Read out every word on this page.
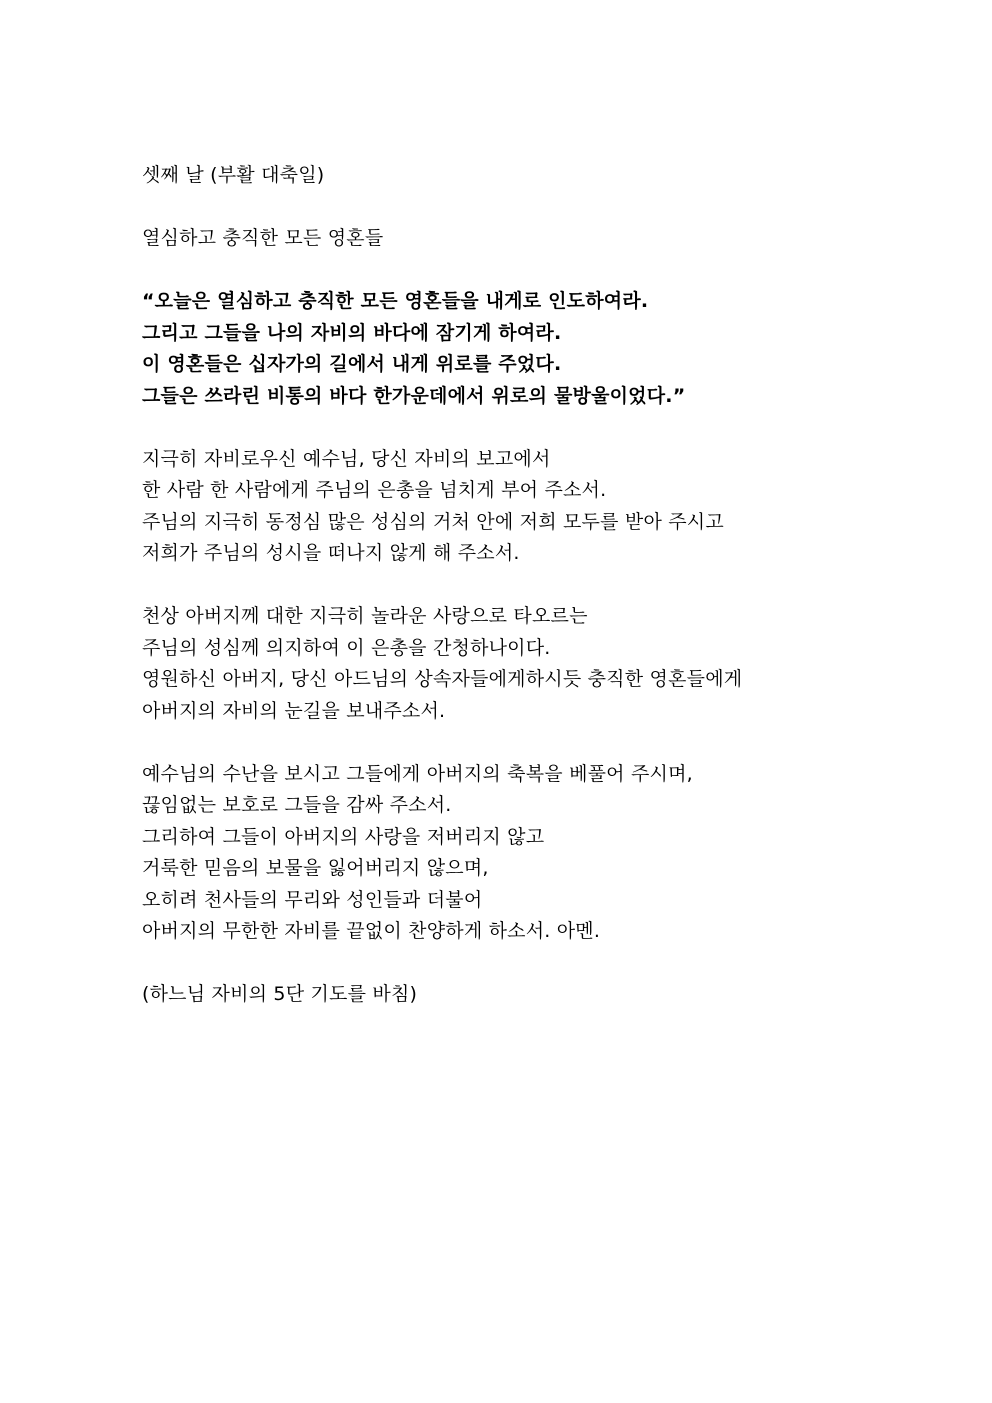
셋째 날 (부활 대축일)
열심하고 충직한 모든 영혼들
“오늘은 열심하고 충직한 모든 영혼들을 내게로 인도하여라.
그리고 그들을 나의 자비의 바다에 잠기게 하여라.
이 영혼들은 십자가의 길에서 내게 위로를 주었다.
그들은 쓰라린 비통의 바다 한가운데에서 위로의 물방울이었다.”
지극히 자비로우신 예수님, 당신 자비의 보고에서
한 사람 한 사람에게 주님의 은총을 넘치게 부어 주소서.
주님의 지극히 동정심 많은 성심의 거처 안에 저희 모두를 받아 주시고
저희가 주님의 성시을 떠나지 않게 해 주소서.
천상 아버지께 대한 지극히 놀라운 사랑으로 타오르는
주님의 성심께 의지하여 이 은총을 간청하나이다.
영원하신 아버지, 당신 아드님의 상속자들에게하시듯 충직한 영혼들에게
아버지의 자비의 눈길을 보내주소서.
예수님의 수난을 보시고 그들에게 아버지의 축복을 베풀어 주시며,
끊임없는 보호로 그들을 감싸 주소서.
그리하여 그들이 아버지의 사랑을 저버리지 않고
거룩한 믿음의 보물을 잃어버리지 않으며,
오히려 천사들의 무리와 성인들과 더불어
아버지의 무한한 자비를 끝없이 찬양하게 하소서. 아멘.
(하느님 자비의 5단 기도를 바침)
